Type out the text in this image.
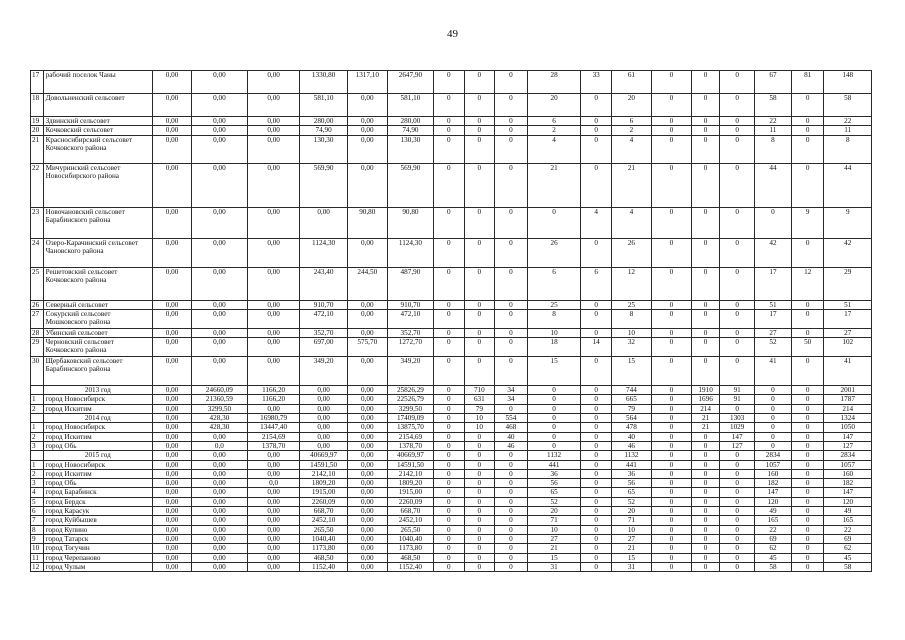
49
17	рабочий поселок Чаны	0,00	0,00	0,00	1330,80	1317,10	2647,90	0	0	0	28	33	61	0	0	0	67	81	148
18	Довольненский сельсовет	0,00	0,00	0,00	581,10	0,00	581,10	0	0	0	20	0	20	0	0	0	58	0	58
19	Здвинский сельсовет	0,00	0,00	0,00	280,00	0,00	280,00	0	0	0	6	0	6	0	0	0	22	0	22
20	Кочковский сельсовет	0,00	0,00	0,00	74,90	0,00	74,90	0	0	0	2	0	2	0	0	0	11	0	11
21	Красносибирский сельсовет Кочковского района	0,00	0,00	0,00	130,30	0,00	130,30	0	0	0	4	0	4	0	0	0	8	0	8
22	Мичуринский сельсовет Новосибирского района	0,00	0,00	0,00	569,90	0,00	569,90	0	0	0	21	0	21	0	0	0	44	0	44
23	Новочановский сельсовет Барабинского района	0,00	0,00	0,00	0,00	90,80	90,80	0	0	0	0	4	4	0	0	0	0	9	9
24	Озеро-Карачинский сельсовет Чановского района	0,00	0,00	0,00	1124,30	0,00	1124,30	0	0	0	26	0	26	0	0	0	42	0	42
25	Решетовский сельсовет Кочковского района	0,00	0,00	0,00	243,40	244,50	487,90	0	0	0	6	6	12	0	0	0	17	12	29
26	Северный сельсовет	0,00	0,00	0,00	910,70	0,00	910,70	0	0	0	25	0	25	0	0	0	51	0	51
27	Сокурский сельсовет Мошковского района	0,00	0,00	0,00	472,10	0,00	472,10	0	0	0	8	0	8	0	0	0	17	0	17
28	Убинский сельсовет	0,00	0,00	0,00	352,70	0,00	352,70	0	0	0	10	0	10	0	0	0	27	0	27
29	Черновский сельсовет Кочковского района	0,00	0,00	0,00	697,00	575,70	1272,70	0	0	0	18	14	32	0	0	0	52	50	102
30	Щербаковский сельсовет Барабинского района	0,00	0,00	0,00	349,20	0,00	349,20	0	0	0	15	0	15	0	0	0	41	0	41
	2013 год	0,00	24660,09	1166,20	0,00	0,00	25826,29	0	710	34	0	0	744	0	1910	91	0	0	2001
1	город Новосибирск	0,00	21360,59	1166,20	0,00	0,00	22526,79	0	631	34	0	0	665	0	1696	91	0	0	1787
2	город Искитим	0,00	3299,50	0,00	0,00	0,00	3299,50	0	79	0	0	0	79	0	214	0	0	0	214
	2014 год	0,00	428,30	16980,79	0,00	0,00	17409,09	0	10	554	0	0	564	0	21	1303	0	0	1324
1	город Новосибирск	0,00	428,30	13447,40	0,00	0,00	13875,70	0	10	468	0	0	478	0	21	1029	0	0	1050
2	город Искитим	0,00	0,00	2154,69	0,00	0,00	2154,69	0	0	40	0	0	40	0	0	147	0	0	147
3	город Обь	0,00	0,0	1378,70	0,00	0,00	1378,70	0	0	46	0	0	46	0	0	127	0	0	127
	2015 год	0,00	0,00	0,00	40669,97	0,00	40669,97	0	0	0	1132	0	1132	0	0	0	2834	0	2834
1	город Новосибирск	0,00	0,00	0,00	14591,50	0,00	14591,50	0	0	0	441	0	441	0	0	0	1057	0	1057
2	город Искитим	0,00	0,00	0,00	2142,10	0,00	2142,10	0	0	0	36	0	36	0	0	0	160	0	160
3	город Обь	0,00	0,00	0,0	1809,20	0,00	1809,20	0	0	0	56	0	56	0	0	0	182	0	182
4	город Барабинск	0,00	0,00	0,00	1915,00	0,00	1915,00	0	0	0	65	0	65	0	0	0	147	0	147
5	город Бердск	0,00	0,00	0,00	2260,09	0,00	2260,09	0	0	0	52	0	52	0	0	0	120	0	120
6	город Карасук	0,00	0,00	0,00	668,70	0,00	668,70	0	0	0	20	0	20	0	0	0	49	0	49
7	город Куйбышев	0,00	0,00	0,00	2452,10	0,00	2452,10	0	0	0	71	0	71	0	0	0	165	0	165
8	город Купино	0,00	0,00	0,00	265,50	0,00	265,50	0	0	0	10	0	10	0	0	0	22	0	22
9	город Татарск	0,00	0,00	0,00	1040,40	0,00	1040,40	0	0	0	27	0	27	0	0	0	69	0	69
10	город Тогучин	0,00	0,00	0,00	1173,80	0,00	1173,80	0	0	0	21	0	21	0	0	0	62	0	62
11	город Черепаново	0,00	0,00	0,00	468,50	0,00	468,50	0	0	0	15	0	15	0	0	0	45	0	45
12	город Чулым	0,00	0,00	0,00	1152,40	0,00	1152,40	0	0	0	31	0	31	0	0	0	58	0	58
